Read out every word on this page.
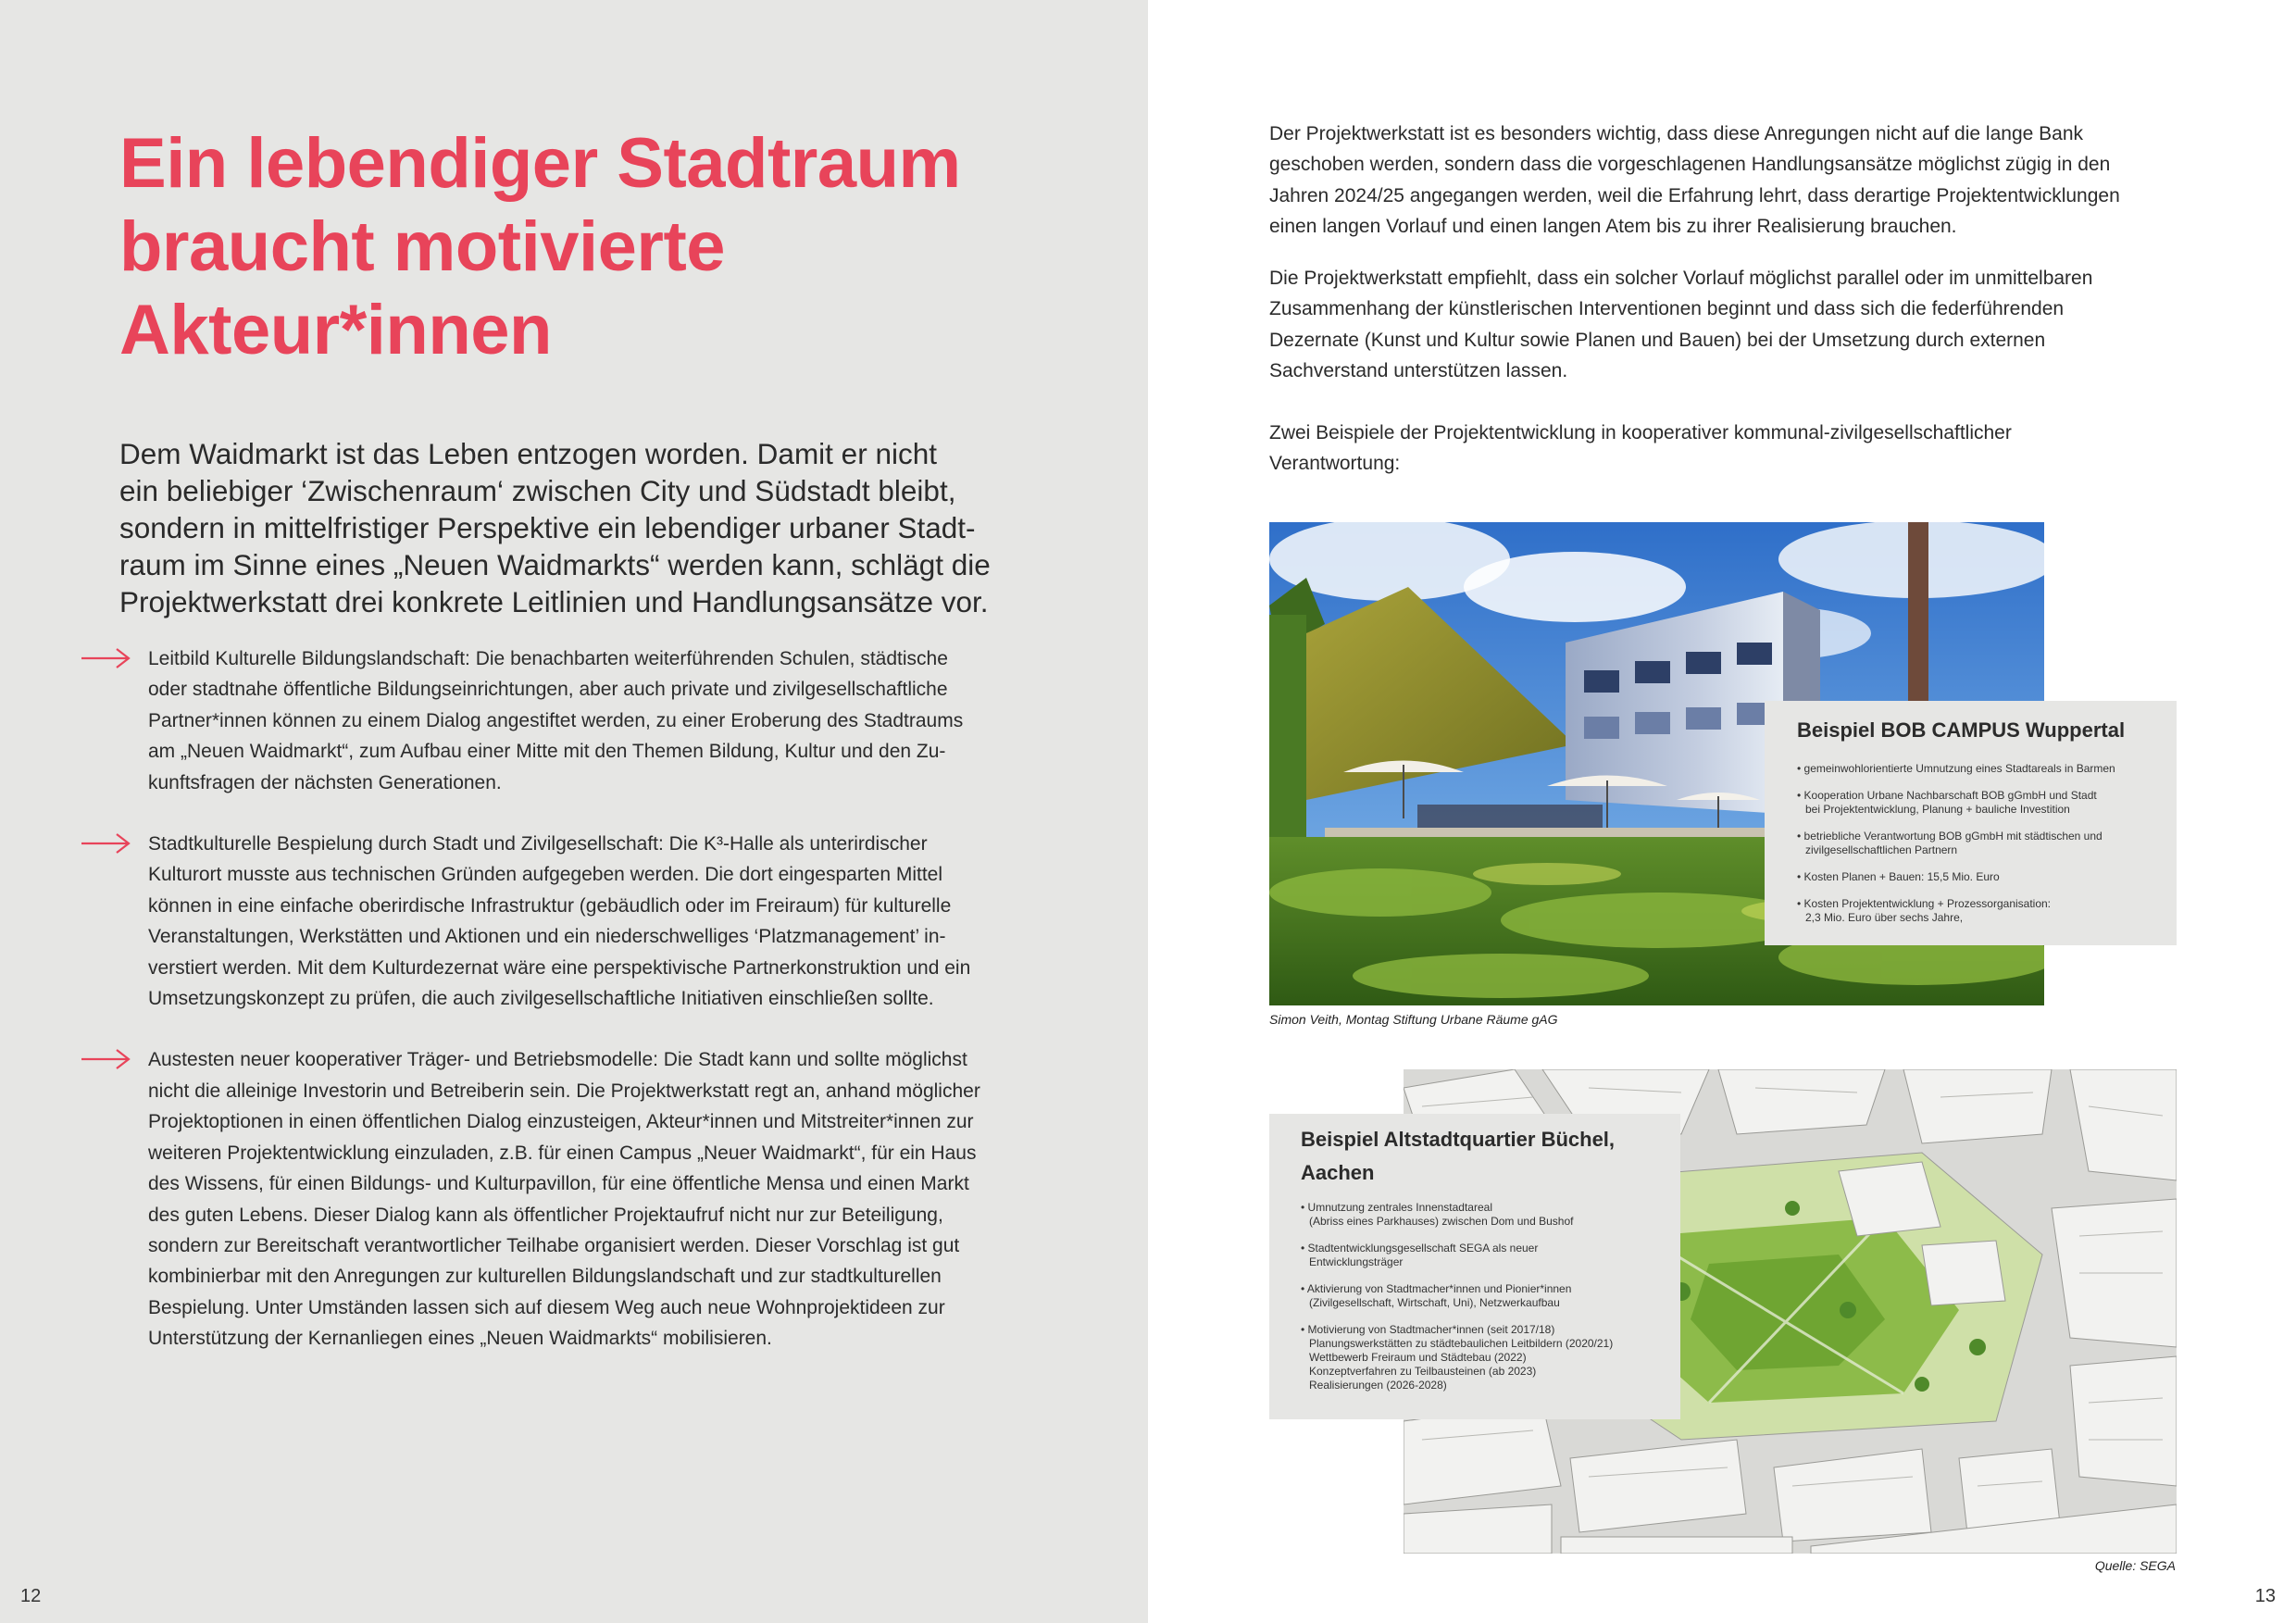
Ein lebendiger Stadtraum
braucht motivierte
Akteur*innen
Dem Waidmarkt ist das Leben entzogen worden. Damit er nicht
ein beliebiger ‘Zwischenraum‘ zwischen City und Südstadt bleibt,
sondern in mittelfristiger Perspektive ein lebendiger urbaner Stadt-
raum im Sinne eines „Neuen Waidmarkts“ werden kann, schlägt die
Projektwerkstatt drei konkrete Leitlinien und Handlungsansätze vor.
Leitbild Kulturelle Bildungslandschaft: Die benachbarten weiterführenden Schulen, städtische
oder stadtnahe öffentliche Bildungseinrichtungen, aber auch private und zivilgesellschaftliche
Partner*innen können zu einem Dialog angestiftet werden, zu einer Eroberung des Stadtraums
am „Neuen Waidmarkt“, zum Aufbau einer Mitte mit den Themen Bildung, Kultur und den Zu-
kunftsfragen der nächsten Generationen.
Stadtkulturelle Bespielung durch Stadt und Zivilgesellschaft: Die K³-Halle als unterirdischer
Kulturort musste aus technischen Gründen aufgegeben werden. Die dort eingesparten Mittel
können in eine einfache oberirdische Infrastruktur (gebäudlich oder im Freiraum) für kulturelle
Veranstaltungen, Werkstätten und Aktionen und ein niederschwelliges ‘Platzmanagement’ in-
verstiert werden. Mit dem Kulturdezernat wäre eine perspektivische Partnerkonstruktion und ein
Umsetzungskonzept zu prüfen, die auch zivilgesellschaftliche Initiativen einschließen sollte.
Austesten neuer kooperativer Träger- und Betriebsmodelle: Die Stadt kann und sollte möglichst
nicht die alleinige Investorin und Betreiberin sein. Die Projektwerkstatt regt an, anhand möglicher
Projektoptionen in einen öffentlichen Dialog einzusteigen, Akteur*innen und Mitstreiter*innen zur
weiteren Projektentwicklung einzuladen, z.B. für einen Campus „Neuer Waidmarkt“, für ein Haus
des Wissens, für einen Bildungs- und Kulturpavillon, für eine öffentliche Mensa und einen Markt
des guten Lebens. Dieser Dialog kann als öffentlicher Projektaufruf nicht nur zur Beteiligung,
sondern zur Bereitschaft verantwortlicher Teilhabe organisiert werden. Dieser Vorschlag ist gut
kombinierbar mit den Anregungen zur kulturellen Bildungslandschaft und zur stadtkulturellen
Bespielung. Unter Umständen lassen sich auf diesem Weg auch neue Wohnprojektideen zur
Unterstützung der Kernanliegen eines „Neuen Waidmarkts“ mobilisieren.
12
Der Projektwerkstatt ist es besonders wichtig, dass diese Anregungen nicht auf die lange Bank
geschoben werden, sondern dass die vorgeschlagenen Handlungsansätze möglichst zügig in den
Jahren 2024/25 angegangen werden, weil die Erfahrung lehrt, dass derartige Projektentwicklungen
einen langen Vorlauf und einen langen Atem bis zu ihrer Realisierung brauchen.
Die Projektwerkstatt empfiehlt, dass ein solcher Vorlauf möglichst parallel oder im unmittelbaren
Zusammenhang der künstlerischen Interventionen beginnt und dass sich die federführenden
Dezernate (Kunst und Kultur sowie Planen und Bauen) bei der Umsetzung durch externen
Sachverstand unterstützen lassen.
Zwei Beispiele der Projektentwicklung in kooperativer kommunal-zivilgesellschaftlicher
Verantwortung:
Simon Veith, Montag Stiftung Urbane Räume gAG
Beispiel BOB CAMPUS Wuppertal
• gemeinwohlorientierte Umnutzung eines Stadtareals in Barmen
• Kooperation Urbane Nachbarschaft BOB gGmbH und Stadt
bei Projektentwicklung, Planung + bauliche Investition
• betriebliche Verantwortung BOB gGmbH mit städtischen und
zivilgesellschaftlichen Partnern
• Kosten Planen + Bauen: 15,5 Mio. Euro
• Kosten Projektentwicklung + Prozessorganisation:
2,3 Mio. Euro über sechs Jahre,
Quelle: SEGA
Beispiel Altstadtquartier Büchel,
Aachen
• Umnutzung zentrales Innenstadtareal
(Abriss eines Parkhauses) zwischen Dom und Bushof
• Stadtentwicklungsgesellschaft SEGA als neuer
Entwicklungsträger
• Aktivierung von Stadtmacher*innen und Pionier*innen
(Zivilgesellschaft, Wirtschaft, Uni), Netzwerkaufbau
• Motivierung von Stadtmacher*innen (seit 2017/18)
Planungswerkstätten zu städtebaulichen Leitbildern (2020/21)
Wettbewerb Freiraum und Städtebau (2022)
Konzeptverfahren zu Teilbausteinen (ab 2023)
Realisierungen (2026-2028)
13
